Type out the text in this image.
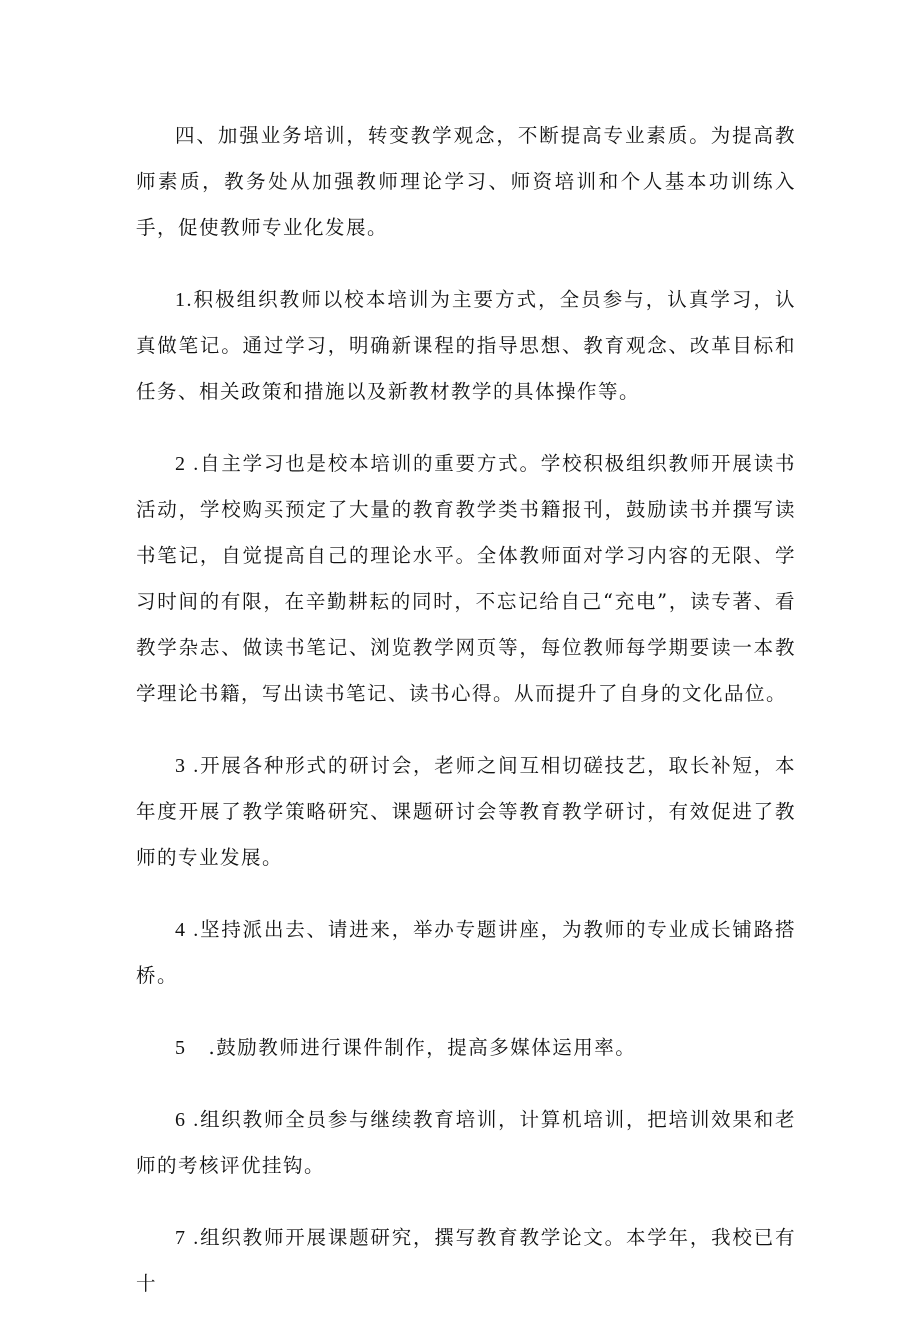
四、加强业务培训，转变教学观念，不断提高专业素质。为提高教师素质，教务处从加强教师理论学习、师资培训和个人基本功训练入手，促使教师专业化发展。

1.积极组织教师以校本培训为主要方式，全员参与，认真学习，认真做笔记。通过学习，明确新课程的指导思想、教育观念、改革目标和任务、相关政策和措施以及新教材教学的具体操作等。

2 .自主学习也是校本培训的重要方式。学校积极组织教师开展读书活动，学校购买预定了大量的教育教学类书籍报刊，鼓励读书并撰写读书笔记，自觉提高自己的理论水平。全体教师面对学习内容的无限、学习时间的有限，在辛勤耕耘的同时，不忘记给自己“充电”，读专著、看教学杂志、做读书笔记、浏览教学网页等，每位教师每学期要读一本教学理论书籍，写出读书笔记、读书心得。从而提升了自身的文化品位。

3 .开展各种形式的研讨会，老师之间互相切磋技艺，取长补短，本年度开展了教学策略研究、课题研讨会等教育教学研讨，有效促进了教师的专业发展。

4 .坚持派出去、请进来，举办专题讲座，为教师的专业成长铺路搭桥。

5 .鼓励教师进行课件制作，提高多媒体运用率。

6 .组织教师全员参与继续教育培训，计算机培训，把培训效果和老师的考核评优挂钩。

7 .组织教师开展课题研究，撰写教育教学论文。本学年，我校已有十
